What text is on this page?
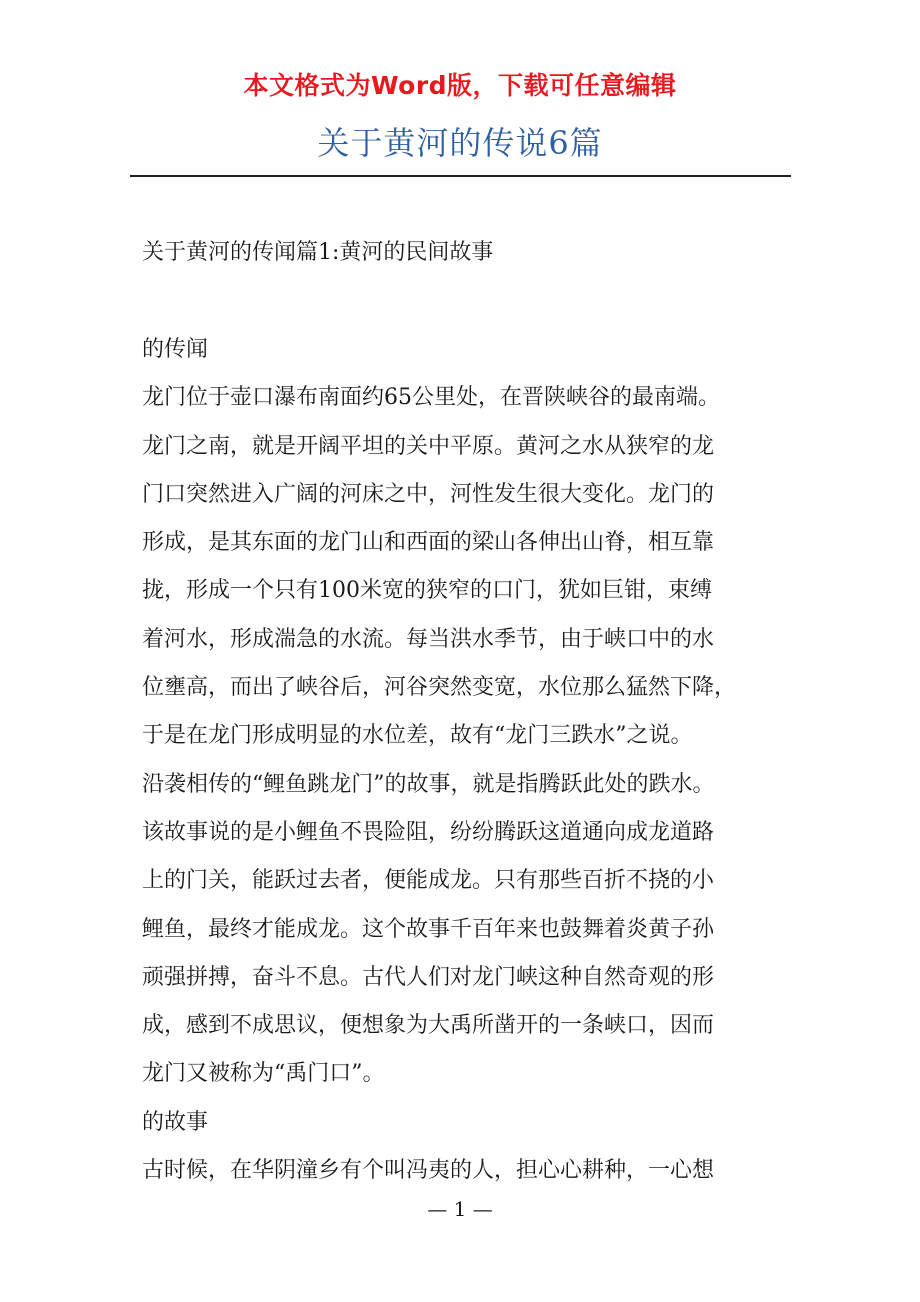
本文格式为Word版，下载可任意编辑
关于黄河的传说6篇
关于黄河的传闻篇1:黄河的民间故事
的传闻
龙门位于壶口瀑布南面约65公里处，在晋陕峡谷的最南端。
龙门之南，就是开阔平坦的关中平原。黄河之水从狭窄的龙
门口突然进入广阔的河床之中，河性发生很大变化。龙门的
形成，是其东面的龙门山和西面的梁山各伸出山脊，相互靠
拢，形成一个只有100米宽的狭窄的口门，犹如巨钳，束缚
着河水，形成湍急的水流。每当洪水季节，由于峡口中的水
位壅高，而出了峡谷后，河谷突然变宽，水位那么猛然下降，
于是在龙门形成明显的水位差，故有“龙门三跌水”之说。
沿袭相传的“鲤鱼跳龙门”的故事，就是指腾跃此处的跌水。
该故事说的是小鲤鱼不畏险阻，纷纷腾跃这道通向成龙道路
上的门关，能跃过去者，便能成龙。只有那些百折不挠的小
鲤鱼，最终才能成龙。这个故事千百年来也鼓舞着炎黄子孙
顽强拼搏，奋斗不息。古代人们对龙门峡这种自然奇观的形
成，感到不成思议，便想象为大禹所凿开的一条峡口，因而
龙门又被称为“禹门口”。
的故事
古时候，在华阴潼乡有个叫冯夷的人，担心心耕种，一心想
— 1 —
